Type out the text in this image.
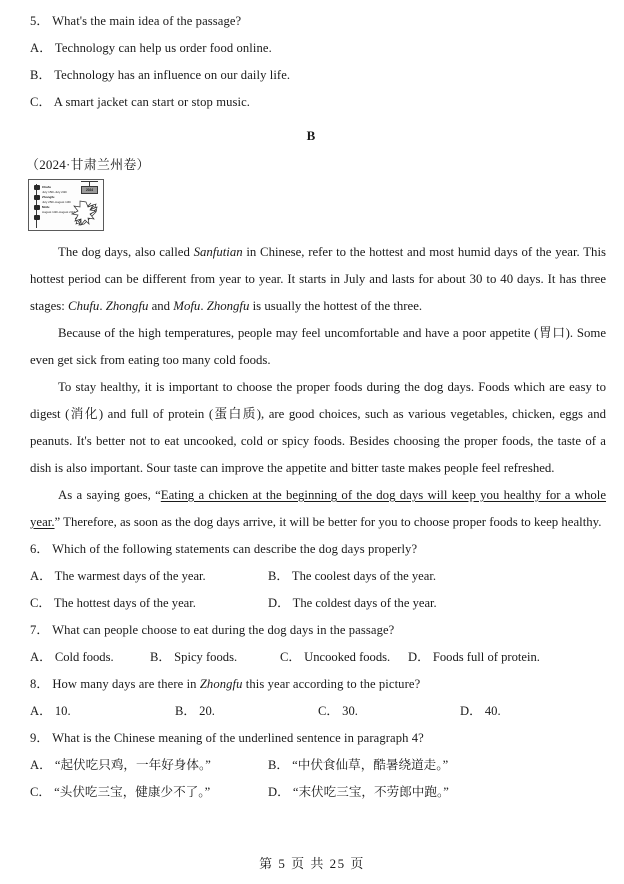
5． What's the main idea of the passage?

A． Technology can help us order food online.

B． Technology has an influence on our daily life.

C． A smart jacket can start or stop music.

B

（2024·甘肃兰州卷）

Chufu
July 15th-July 24th
Zhongfu
July 25th-August 13th
Mofu
August 14th-August 23rd
2024

The dog days, also called Sanfutian in Chinese, refer to the hottest and most humid days of the year. This hottest period can be different from year to year. It starts in July and lasts for about 30 to 40 days. It has three stages: Chufu. Zhongfu and Mofu. Zhongfu is usually the hottest of the three.

Because of the high temperatures, people may feel uncomfortable and have a poor appetite (胃口). Some even get sick from eating too many cold foods.

To stay healthy, it is important to choose the proper foods during the dog days. Foods which are easy to digest (消化) and full of protein (蛋白质), are good choices, such as various vegetables, chicken, eggs and peanuts. It's better not to eat uncooked, cold or spicy foods. Besides choosing the proper foods, the taste of a dish is also important. Sour taste can improve the appetite and bitter taste makes people feel refreshed.

As a saying goes, “Eating a chicken at the beginning of the dog days will keep you healthy for a whole year.” Therefore, as soon as the dog days arrive, it will be better for you to choose proper foods to keep healthy.

6． Which of the following statements can describe the dog days properly?

A． The warmest days of the year.	B． The coolest days of the year.
C． The hottest days of the year.	D． The coldest days of the year.

7． What can people choose to eat during the dog days in the passage?

A． Cold foods.	B． Spicy foods.	C． Uncooked foods.	D． Foods full of protein.

8． How many days are there in Zhongfu this year according to the picture?

A． 10.	B． 20.	C． 30.	D． 40.

9． What is the Chinese meaning of the underlined sentence in paragraph 4?

A． “起伏吃只鸡，一年好身体。”	B． “中伏食仙草，酷暑绕道走。”
C． “头伏吃三宝，健康少不了。”	D． “末伏吃三宝，不劳郎中跑。”
第 5 页 共 25 页
